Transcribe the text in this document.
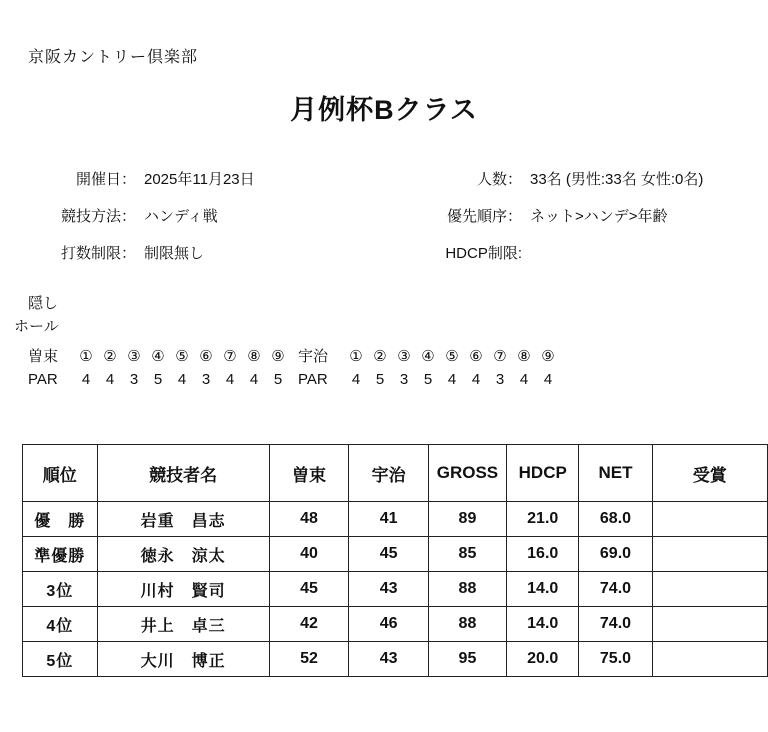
京阪カントリー倶楽部
月例杯Bクラス
開催日： 2025年11月23日	人数： 33名 (男性:33名 女性:0名)
競技方法： ハンディ戦	優先順序： ネット>ハンデ>年齢
打数制限： 制限無し	HDCP制限:
隠し
ホール
曽束	① ② ③ ④ ⑤ ⑥ ⑦ ⑧ ⑨
PAR	4 4 3 5 4 3 4 4 5
宇治	① ② ③ ④ ⑤ ⑥ ⑦ ⑧ ⑨
PAR	4 5 3 5 4 4 3 4 4
順位	競技者名	曽束	宇治	GROSS	HDCP	NET	受賞
優　勝	岩重　昌志	48	41	89	21.0	68.0	
準優勝	徳永　涼太	40	45	85	16.0	69.0	
3位	川村　賢司	45	43	88	14.0	74.0	
4位	井上　卓三	42	46	88	14.0	74.0	
5位	大川　博正	52	43	95	20.0	75.0	
